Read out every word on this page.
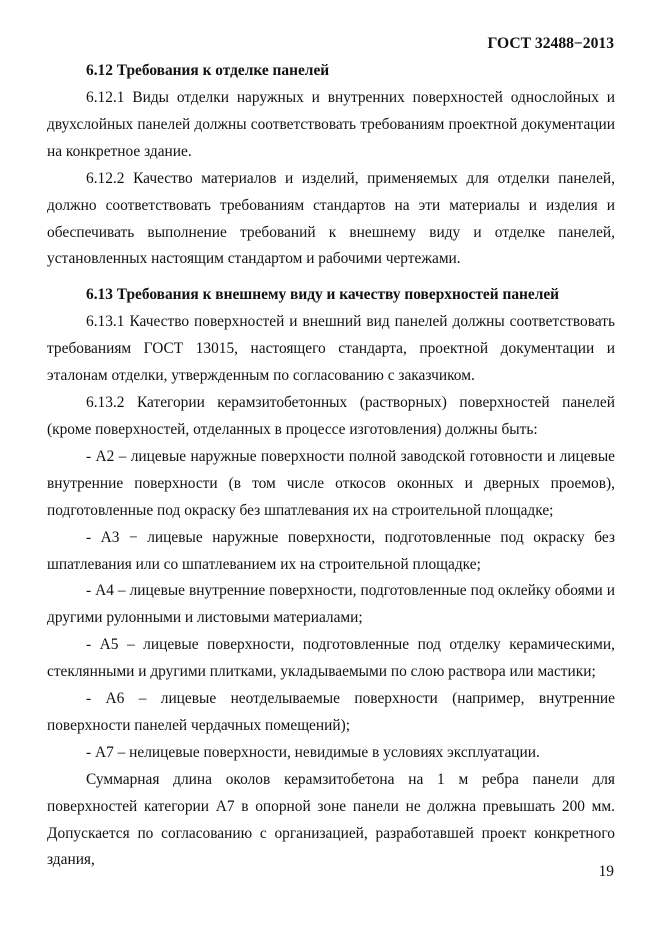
ГОСТ 32488−2013

6.12 Требования к отделке панелей

6.12.1 Виды отделки наружных и внутренних поверхностей однослойных и двухслойных панелей должны соответствовать требованиям проектной документации на конкретное здание.

6.12.2 Качество материалов и изделий, применяемых для отделки панелей, должно соответствовать требованиям стандартов на эти материалы и изделия и обеспечивать выполнение требований к внешнему виду и отделке панелей, установленных настоящим стандартом и рабочими чертежами.

6.13 Требования к внешнему виду и качеству поверхностей панелей

6.13.1 Качество поверхностей и внешний вид панелей должны соответствовать требованиям ГОСТ 13015, настоящего стандарта, проектной документации и эталонам отделки, утвержденным по согласованию с заказчиком.

6.13.2 Категории керамзитобетонных (растворных) поверхностей панелей (кроме поверхностей, отделанных в процессе изготовления) должны быть:

- А2 – лицевые наружные поверхности полной заводской готовности и лицевые внутренние поверхности (в том числе откосов оконных и дверных проемов), подготовленные под окраску без шпатлевания их на строительной площадке;

- А3 − лицевые наружные поверхности, подготовленные под окраску без шпатлевания или со шпатлеванием их на строительной площадке;

- А4 – лицевые внутренние поверхности, подготовленные под оклейку обоями и другими рулонными и листовыми материалами;

- А5 – лицевые поверхности, подготовленные под отделку керамическими, стеклянными и другими плитками, укладываемыми по слою раствора или мастики;

- А6 – лицевые неотделываемые поверхности (например, внутренние поверхности панелей чердачных помещений);

- А7 – нелицевые поверхности, невидимые в условиях эксплуатации.

Суммарная длина околов керамзитобетона на 1 м ребра панели для поверхностей категории А7 в опорной зоне панели не должна превышать 200 мм. Допускается по согласованию с организацией, разработавшей проект конкретного здания,

19
